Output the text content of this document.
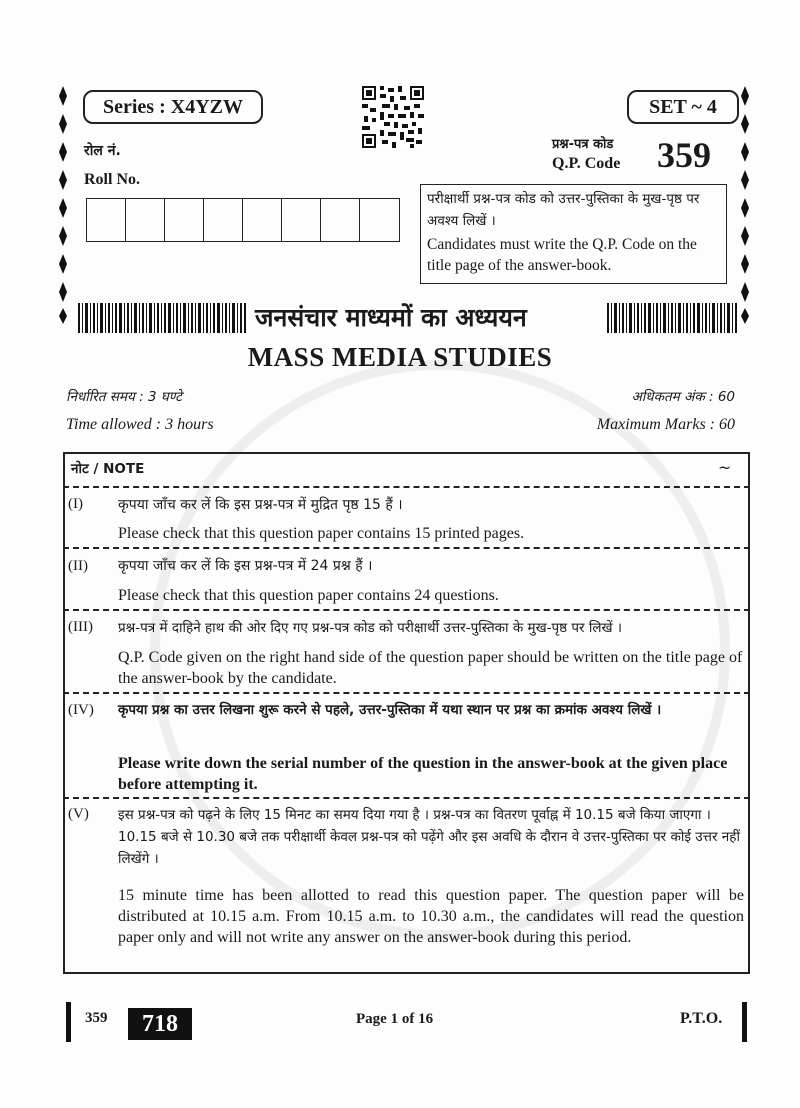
Series : X4YZW	SET ~ 4
रोल नं.
Roll No.
प्रश्न-पत्र कोड
Q.P. Code 359
परीक्षार्थी प्रश्न-पत्र कोड को उत्तर-पुस्तिका के मुख-पृष्ठ पर अवश्य लिखें ।
Candidates must write the Q.P. Code on the title page of the answer-book.
जनसंचार माध्यमों का अध्ययन
MASS MEDIA STUDIES
निर्धारित समय : 3 घण्टे	अधिकतम अंक : 60
Time allowed : 3 hours	Maximum Marks : 60
नोट / NOTE	~
(I)	कृपया जाँच कर लें कि इस प्रश्न-पत्र में मुद्रित पृष्ठ 15 हैं ।
Please check that this question paper contains 15 printed pages.
(II) कृपया जाँच कर लें कि इस प्रश्न-पत्र में 24 प्रश्न हैं ।
Please check that this question paper contains 24 questions.
(III) प्रश्न-पत्र में दाहिने हाथ की ओर दिए गए प्रश्न-पत्र कोड को परीक्षार्थी उत्तर-पुस्तिका के मुख-पृष्ठ पर लिखें ।
Q.P. Code given on the right hand side of the question paper should be written on the title page of the answer-book by the candidate.
(IV) कृपया प्रश्न का उत्तर लिखना शुरू करने से पहले, उत्तर-पुस्तिका में यथा स्थान पर प्रश्न का क्रमांक अवश्य लिखें ।
Please write down the serial number of the question in the answer-book at the given place before attempting it.
(V) इस प्रश्न-पत्र को पढ़ने के लिए 15 मिनट का समय दिया गया है । प्रश्न-पत्र का वितरण पूर्वाह्न में 10.15 बजे किया जाएगा । 10.15 बजे से 10.30 बजे तक परीक्षार्थी केवल प्रश्न-पत्र को पढ़ेंगे और इस अवधि के दौरान वे उत्तर-पुस्तिका पर कोई उत्तर नहीं लिखेंगे ।
15 minute time has been allotted to read this question paper. The question paper will be distributed at 10.15 a.m. From 10.15 a.m. to 10.30 a.m., the candidates will read the question paper only and will not write any answer on the answer-book during this period.
359	718	Page 1 of 16	P.T.O.
